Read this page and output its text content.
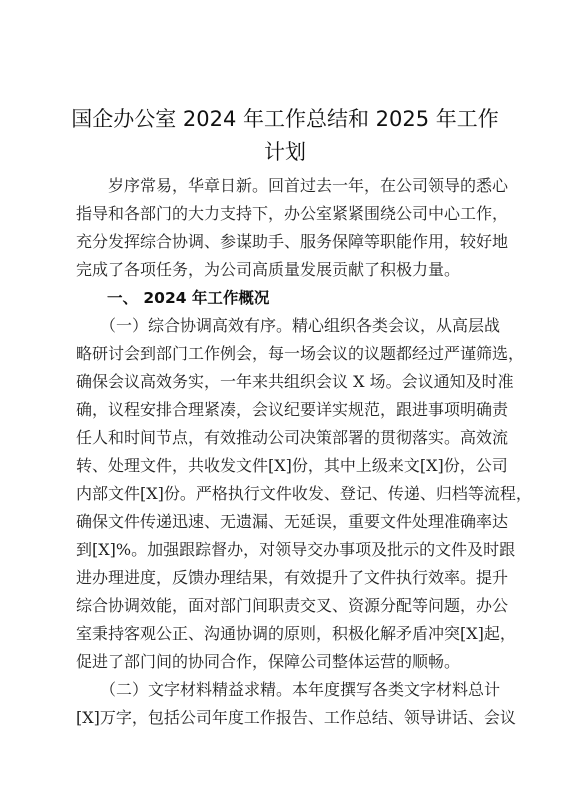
国企办公室 2024 年工作总结和 2025 年工作
计划
　　岁序常易，华章日新。回首过去一年，在公司领导的悉心
指导和各部门的大力支持下，办公室紧紧围绕公司中心工作，
充分发挥综合协调、参谋助手、服务保障等职能作用，较好地
完成了各项任务，为公司高质量发展贡献了积极力量。
　　一、 2024 年工作概况
　　（一）综合协调高效有序。精心组织各类会议，从高层战
略研讨会到部门工作例会，每一场会议的议题都经过严谨筛选，
确保会议高效务实，一年来共组织会议 X 场。会议通知及时准
确，议程安排合理紧凑，会议纪要详实规范，跟进事项明确责
任人和时间节点，有效推动公司决策部署的贯彻落实。高效流
转、处理文件，共收发文件[X]份，其中上级来文[X]份，公司
内部文件[X]份。严格执行文件收发、登记、传递、归档等流程，
确保文件传递迅速、无遗漏、无延误，重要文件处理准确率达
到[X]%。加强跟踪督办，对领导交办事项及批示的文件及时跟
进办理进度，反馈办理结果，有效提升了文件执行效率。提升
综合协调效能，面对部门间职责交叉、资源分配等问题，办公
室秉持客观公正、沟通协调的原则，积极化解矛盾冲突[X]起，
促进了部门间的协同合作，保障公司整体运营的顺畅。
　　（二）文字材料精益求精。本年度撰写各类文字材料总计
[X]万字，包括公司年度工作报告、工作总结、领导讲话、会议
